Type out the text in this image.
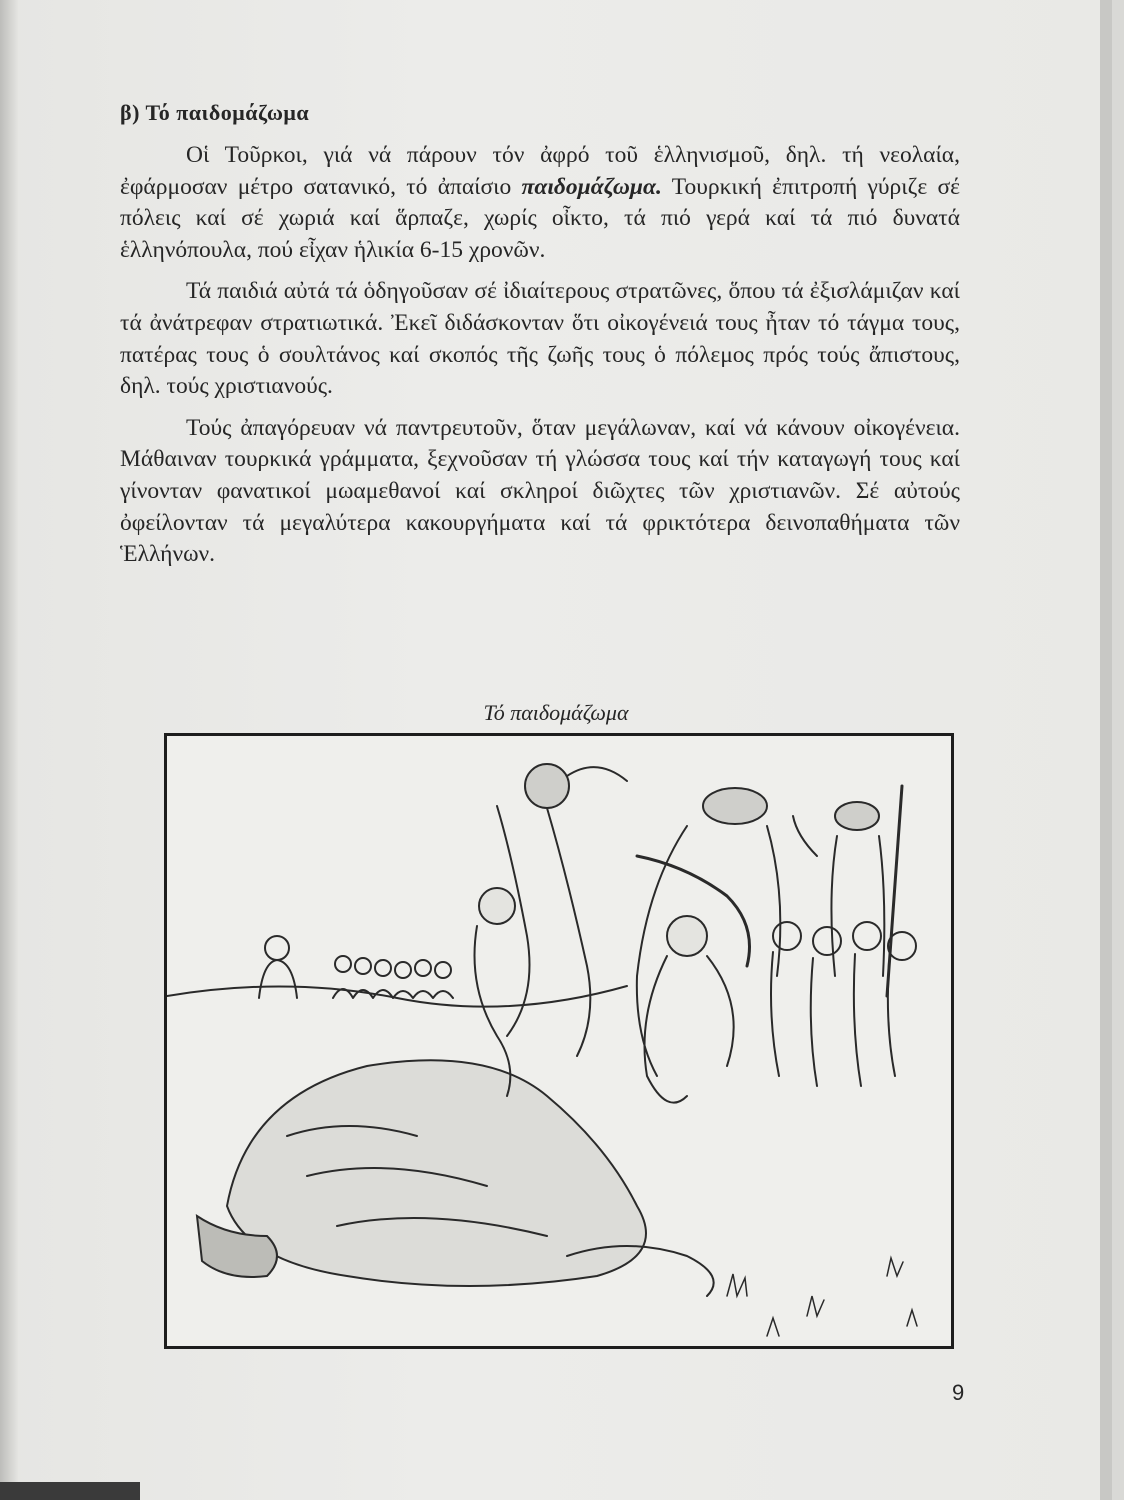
β) Τό παιδομάζωμα

Οἱ Τοῦρκοι, γιά νά πάρουν τόν ἀφρό τοῦ ἑλληνισμοῦ, δηλ. τή νεολαία, ἐφάρμοσαν μέτρο σατανικό, τό ἀπαίσιο παιδομάζωμα. Τουρκική ἐπιτροπή γύριζε σέ πόλεις καί σέ χωριά καί ἅρπαζε, χωρίς οἶκτο, τά πιό γερά καί τά πιό δυνατά ἑλληνόπουλα, πού εἶχαν ἡλικία 6-15 χρονῶν.

Τά παιδιά αὐτά τά ὁδηγοῦσαν σέ ἰδιαίτερους στρατῶνες, ὅπου τά ἐξισλάμιζαν καί τά ἀνάτρεφαν στρατιωτικά. Ἐκεῖ διδάσκονταν ὅτι οἰκογένειά τους ἦταν τό τάγμα τους, πατέρας τους ὁ σουλτάνος καί σκοπός τῆς ζωῆς τους ὁ πόλεμος πρός τούς ἄπιστους, δηλ. τούς χριστιανούς.

Τούς ἀπαγόρευαν νά παντρευτοῦν, ὅταν μεγάλωναν, καί νά κάνουν οἰκογένεια. Μάθαιναν τουρκικά γράμματα, ξεχνοῦσαν τή γλώσσα τους καί τήν καταγωγή τους καί γίνονταν φανατικοί μωαμεθανοί καί σκληροί διῶχτες τῶν χριστιανῶν. Σέ αὐτούς ὀφείλονταν τά μεγαλύτερα κακουργήματα καί τά φρικτότερα δεινοπαθήματα τῶν Ἑλλήνων.

Τό παιδομάζωμα
9
